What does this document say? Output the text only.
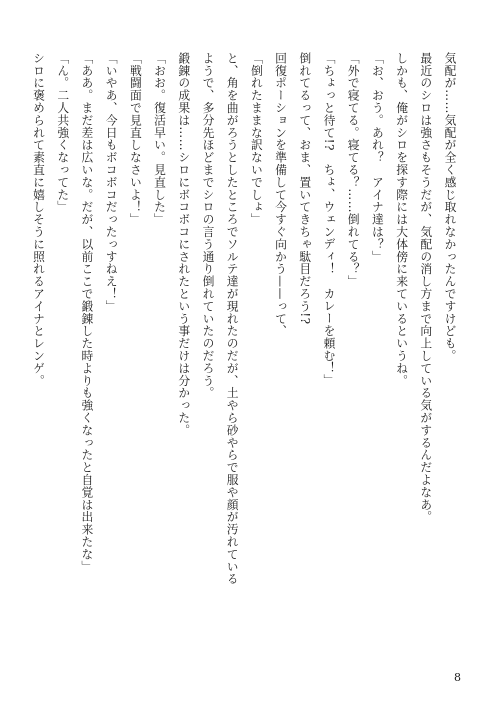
気配が……気配が全く感じ取れなかったんですけども。

最近のシロは強さもそうだが、気配の消し方まで向上している気がするんだよなあ。

しかも、俺がシロを探す際には大体傍に来ているというね。

「お、おう。あれ？　アイナ達は？」

「外で寝てる。寝てる？……倒れてる？」

「ちょっと待て!?　ちょ、ウェンディ！　カレーを頼む！」

倒れてるって、おま、置いてきちゃ駄目だろう!?

回復ポーションを準備して今すぐ向かう——って、

「倒れたままな訳ないでしょ」

と、角を曲がろうとしたところでソルテ達が現れたのだが、土やら砂やらで服や顔が汚れている

ようで、多分先ほどまでシロの言う通り倒れていたのだろう。

鍛錬の成果は……シロにボコボコにされたという事だけは分かった。

「おお。復活早い。見直した」

「戦闘面で見直しなさいよ！」

「いやあ、今日もボコボコだったっすねえ！」

「ああ。まだ差は広いな。だが、以前ここで鍛錬した時よりも強くなったと自覚は出来たな」

「ん。二人共強くなってた」

シロに褒められて素直に嬉しそうに照れるアイナとレンゲ。

8
